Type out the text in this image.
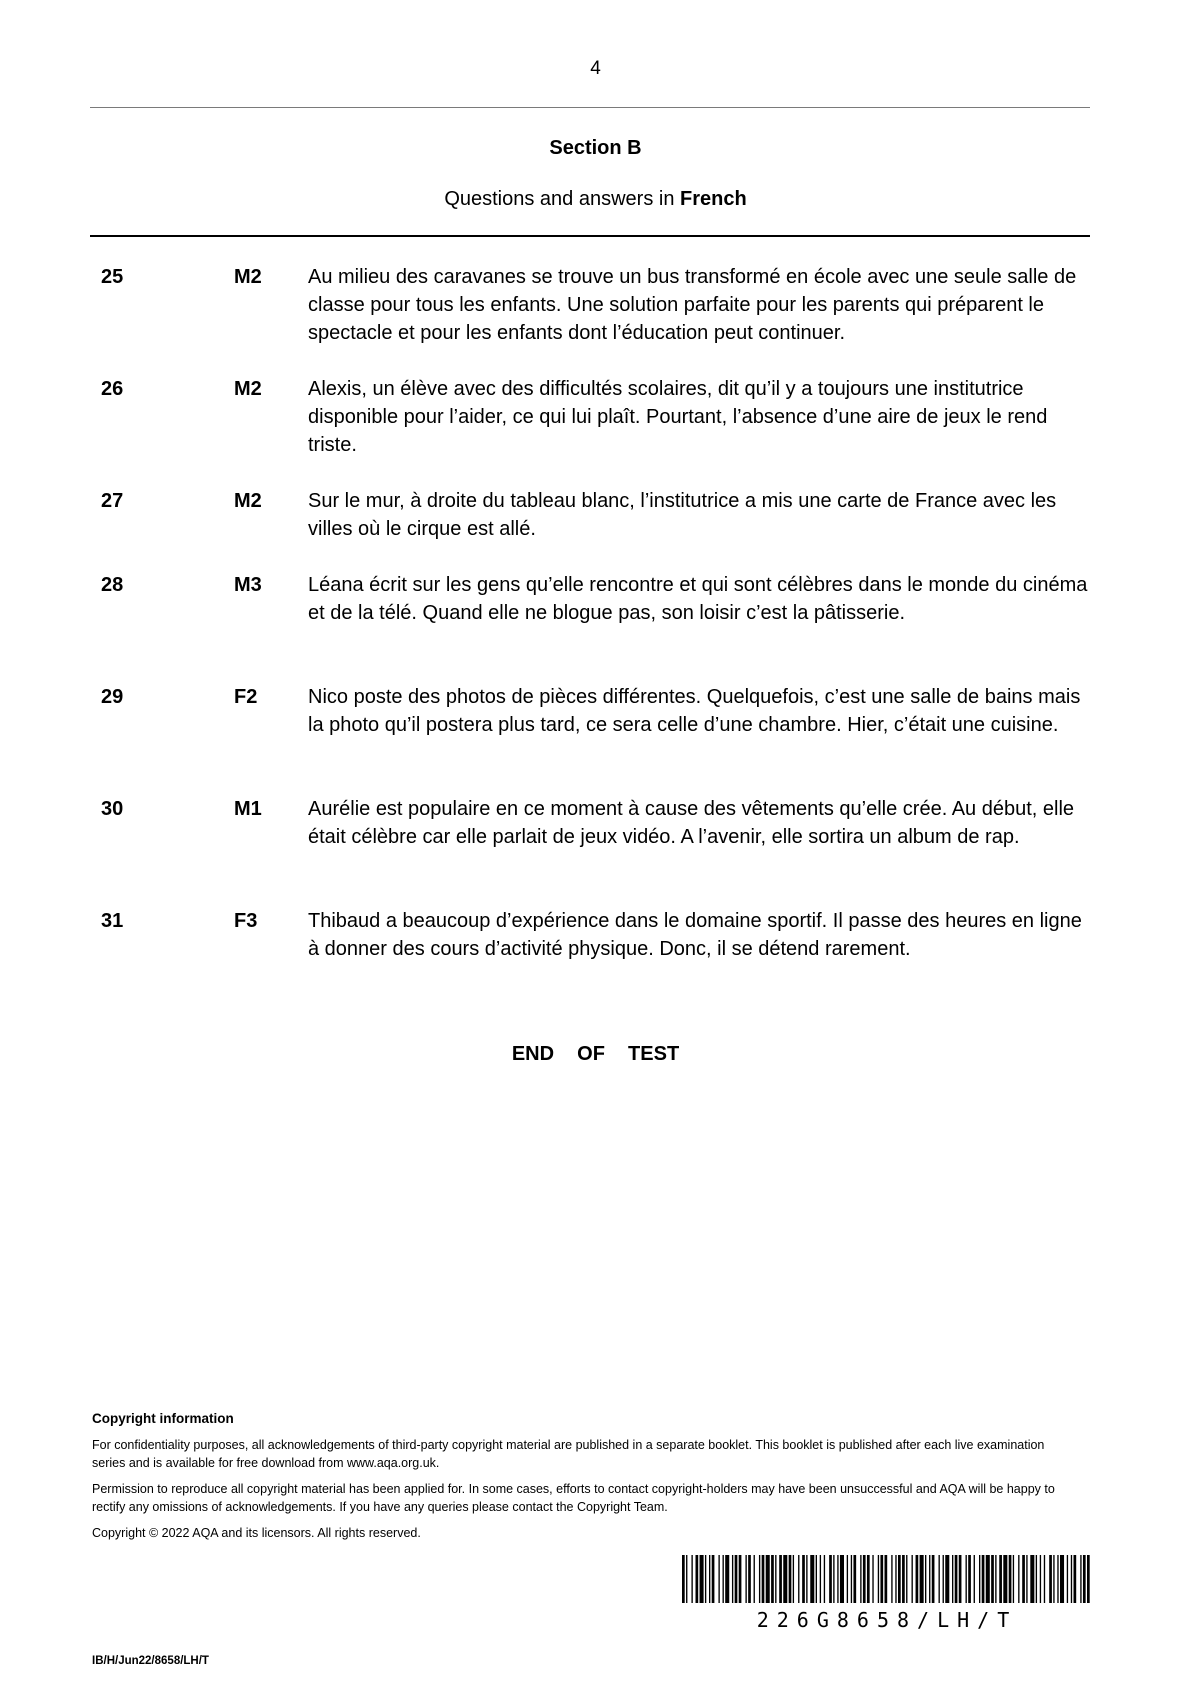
4
Section B
Questions and answers in French
25	M2 Au milieu des caravanes se trouve un bus transformé en école avec une seule salle de classe pour tous les enfants. Une solution parfaite pour les parents qui préparent le spectacle et pour les enfants dont l’éducation peut continuer.
26	M2 Alexis, un élève avec des difficultés scolaires, dit qu’il y a toujours une institutrice disponible pour l’aider, ce qui lui plaît. Pourtant, l’absence d’une aire de jeux le rend triste.
27	M2 Sur le mur, à droite du tableau blanc, l’institutrice a mis une carte de France avec les villes où le cirque est allé.
28	M3 Léana écrit sur les gens qu’elle rencontre et qui sont célèbres dans le monde du cinéma et de la télé. Quand elle ne blogue pas, son loisir c’est la pâtisserie.
29	F2	Nico poste des photos de pièces différentes. Quelquefois, c’est une salle de bains mais la photo qu’il postera plus tard, ce sera celle d’une chambre. Hier, c’était une cuisine.
30	M1 Aurélie est populaire en ce moment à cause des vêtements qu’elle crée. Au début, elle était célèbre car elle parlait de jeux vidéo. A l’avenir, elle sortira un album de rap.
31	F3	Thibaud a beaucoup d’expérience dans le domaine sportif. Il passe des heures en ligne à donner des cours d’activité physique. Donc, il se détend rarement.
END  OF  TEST
Copyright information

For confidentiality purposes, all acknowledgements of third-party copyright material are published in a separate booklet. This booklet is published after each live examination series and is available for free download from www.aqa.org.uk.

Permission to reproduce all copyright material has been applied for. In some cases, efforts to contact copyright-holders may have been unsuccessful and AQA will be happy to rectify any omissions of acknowledgements. If you have any queries please contact the Copyright Team.

Copyright © 2022 AQA and its licensors. All rights reserved.

226G8658/LH/T
IB/H/Jun22/8658/LH/T
